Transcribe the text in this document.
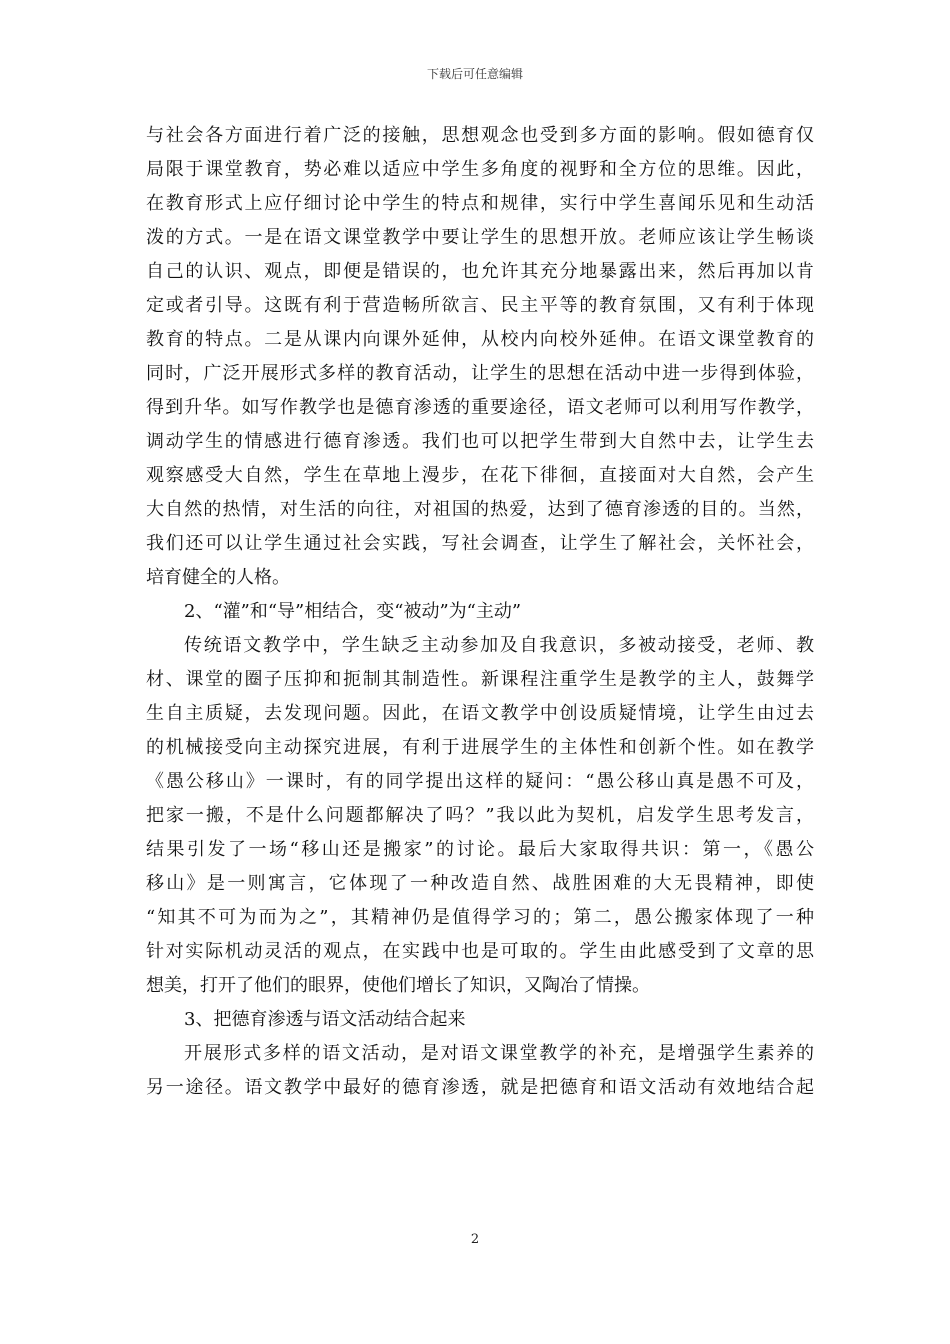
下载后可任意编辑
与社会各方面进行着广泛的接触，思想观念也受到多方面的影响。假如德育仅
局限于课堂教育，势必难以适应中学生多角度的视野和全方位的思维。因此，
在教育形式上应仔细讨论中学生的特点和规律，实行中学生喜闻乐见和生动活
泼的方式。一是在语文课堂教学中要让学生的思想开放。老师应该让学生畅谈
自己的认识、观点，即便是错误的，也允许其充分地暴露出来，然后再加以肯
定或者引导。这既有利于营造畅所欲言、民主平等的教育氛围，又有利于体现
教育的特点。二是从课内向课外延伸，从校内向校外延伸。在语文课堂教育的
同时，广泛开展形式多样的教育活动，让学生的思想在活动中进一步得到体验，
得到升华。如写作教学也是德育渗透的重要途径，语文老师可以利用写作教学，
调动学生的情感进行德育渗透。我们也可以把学生带到大自然中去，让学生去
观察感受大自然，学生在草地上漫步，在花下徘徊，直接面对大自然，会产生
大自然的热情，对生活的向往，对祖国的热爱，达到了德育渗透的目的。当然，
我们还可以让学生通过社会实践，写社会调查，让学生了解社会，关怀社会，
培育健全的人格。
2、“灌”和“导”相结合，变“被动”为“主动”
传统语文教学中，学生缺乏主动参加及自我意识，多被动接受，老师、教
材、课堂的圈子压抑和扼制其制造性。新课程注重学生是教学的主人，鼓舞学
生自主质疑，去发现问题。因此，在语文教学中创设质疑情境，让学生由过去
的机械接受向主动探究进展，有利于进展学生的主体性和创新个性。如在教学
《愚公移山》一课时，有的同学提出这样的疑问：“愚公移山真是愚不可及，
把家一搬，不是什么问题都解决了吗？”我以此为契机，启发学生思考发言，
结果引发了一场“移山还是搬家”的讨论。最后大家取得共识：第一，《愚公
移山》是一则寓言，它体现了一种改造自然、战胜困难的大无畏精神，即使
“知其不可为而为之”，其精神仍是值得学习的；第二，愚公搬家体现了一种
针对实际机动灵活的观点，在实践中也是可取的。学生由此感受到了文章的思
想美，打开了他们的眼界，使他们增长了知识，又陶冶了情操。
3、把德育渗透与语文活动结合起来
开展形式多样的语文活动，是对语文课堂教学的补充，是增强学生素养的
另一途径。语文教学中最好的德育渗透，就是把德育和语文活动有效地结合起
2
